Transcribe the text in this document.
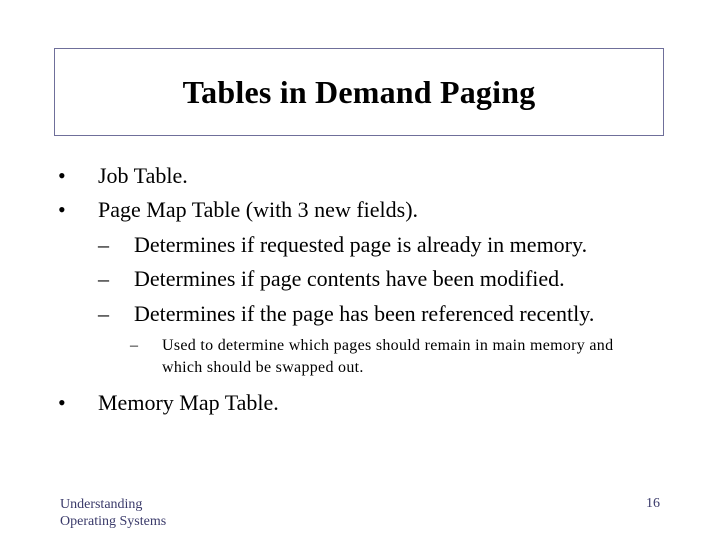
Tables in Demand Paging
• Job Table.
• Page Map Table (with 3 new fields).
– Determines if requested page is already in memory.
– Determines if page contents have been modified.
– Determines if the page has been referenced recently.
– Used to determine which pages should remain in main memory and which should be swapped out.
• Memory Map Table.
Understanding
Operating Systems
16
